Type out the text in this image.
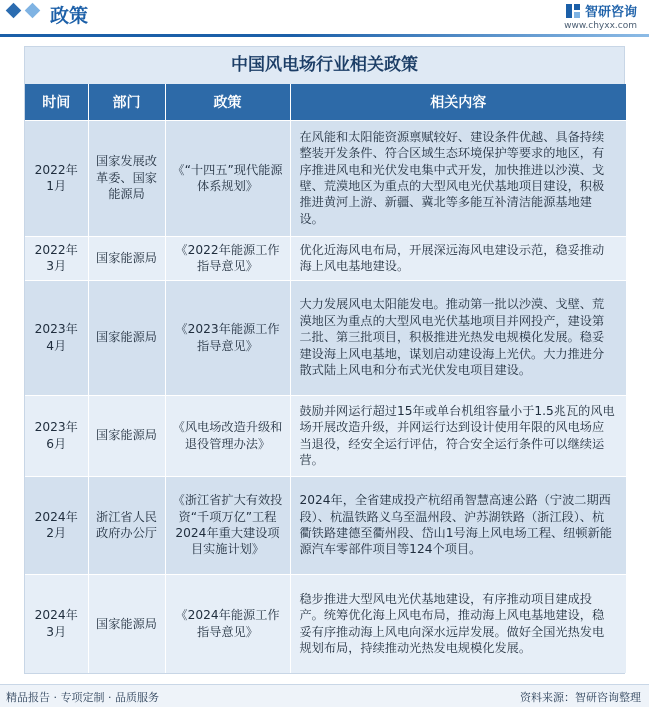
政策	智研咨询
www.chyxx.com
中国风电场行业相关政策
时间	部门	政策	相关内容
2022年1月	国家发展改革委、国家能源局	《“十四五”现代能源体系规划》	在风能和太阳能资源禀赋较好、建设条件优越、具备持续整装开发条件、符合区域生态环境保护等要求的地区，有序推进风电和光伏发电集中式开发，加快推进以沙漠、戈壁、荒漠地区为重点的大型风电光伏基地项目建设，积极推进黄河上游、新疆、冀北等多能互补清洁能源基地建设。
2022年3月	国家能源局	《2022年能源工作指导意见》	优化近海风电布局，开展深远海风电建设示范，稳妥推动海上风电基地建设。
2023年4月	国家能源局	《2023年能源工作指导意见》	大力发展风电太阳能发电。推动第一批以沙漠、戈壁、荒漠地区为重点的大型风电光伏基地项目并网投产，建设第二批、第三批项目，积极推进光热发电规模化发展。稳妥建设海上风电基地，谋划启动建设海上光伏。大力推进分散式陆上风电和分布式光伏发电项目建设。
2023年6月	国家能源局	《风电场改造升级和退役管理办法》	鼓励并网运行超过15年或单台机组容量小于1.5兆瓦的风电场开展改造升级，并网运行达到设计使用年限的风电场应当退役，经安全运行评估，符合安全运行条件可以继续运营。
2024年2月	浙江省人民政府办公厅	《浙江省扩大有效投资“千项万亿”工程2024年重大建设项目实施计划》	2024年，全省建成投产杭绍甬智慧高速公路（宁波二期西段）、杭温铁路义乌至温州段、沪苏湖铁路（浙江段）、杭衢铁路建德至衢州段、岱山1号海上风电场工程、纽顿新能源汽车零部件项目等124个项目。
2024年3月	国家能源局	《2024年能源工作指导意见》	稳步推进大型风电光伏基地建设，有序推动项目建成投产。统筹优化海上风电布局，推动海上风电基地建设，稳妥有序推动海上风电向深水远岸发展。做好全国光热发电规划布局，持续推动光热发电规模化发展。
精品报告 · 专项定制 · 品质服务	资料来源：智研咨询整理
